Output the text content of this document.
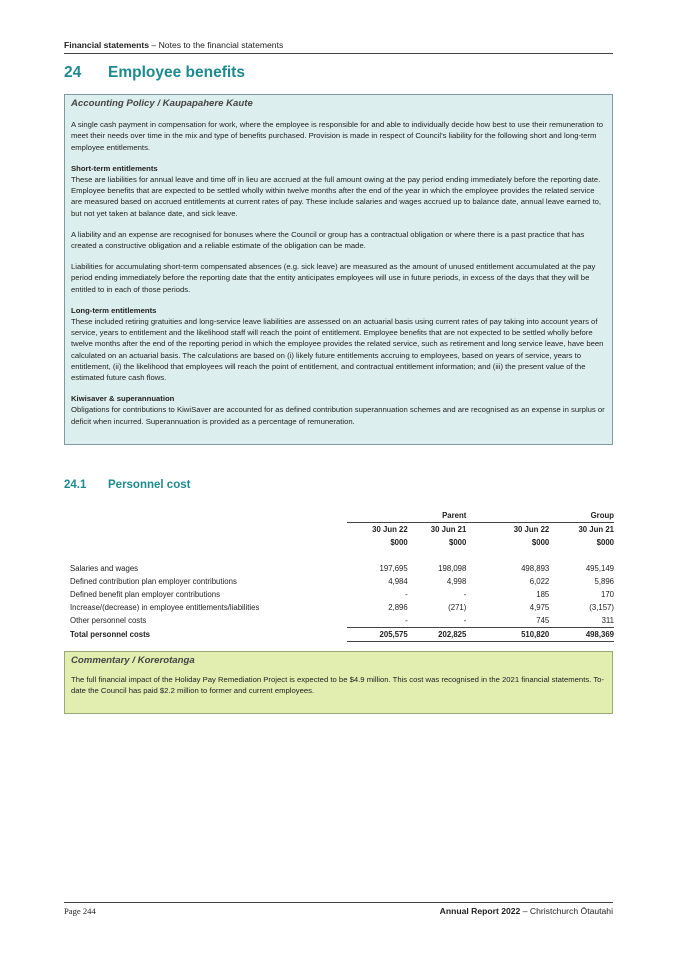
Financial statements – Notes to the financial statements
24 Employee benefits

Accounting Policy / Kaupapahere Kaute

A single cash payment in compensation for work, where the employee is responsible for and able to individually decide how best to use their remuneration to meet their needs over time in the mix and type of benefits purchased. Provision is made in respect of Council’s liability for the following short and long-term employee entitlements.

Short-term entitlements

These are liabilities for annual leave and time off in lieu are accrued at the full amount owing at the pay period ending immediately before the reporting date. Employee benefits that are expected to be settled wholly within twelve months after the end of the year in which the employee provides the related service are measured based on accrued entitlements at current rates of pay. These include salaries and wages accrued up to balance date, annual leave earned to, but not yet taken at balance date, and sick leave.

A liability and an expense are recognised for bonuses where the Council or group has a contractual obligation or where there is a past practice that has created a constructive obligation and a reliable estimate of the obligation can be made.

Liabilities for accumulating short-term compensated absences (e.g. sick leave) are measured as the amount of unused entitlement accumulated at the pay period ending immediately before the reporting date that the entity anticipates employees will use in future periods, in excess of the days that they will be entitled to in each of those periods.

Long-term entitlements

These included retiring gratuities and long-service leave liabilities are assessed on an actuarial basis using current rates of pay taking into account years of service, years to entitlement and the likelihood staff will reach the point of entitlement. Employee benefits that are not expected to be settled wholly before twelve months after the end of the reporting period in which the employee provides the related service, such as retirement and long service leave, have been calculated on an actuarial basis. The calculations are based on (i) likely future entitlements accruing to employees, based on years of service, years to entitlement, (ii) the likelihood that employees will reach the point of entitlement, and contractual entitlement information; and (iii) the present value of the estimated future cash flows.

Kiwisaver & superannuation

Obligations for contributions to KiwiSaver are accounted for as defined contribution superannuation schemes and are recognised as an expense in surplus or deficit when incurred. Superannuation is provided as a percentage of remuneration.

24.1 Personnel cost
	Parent		Group	
	30 Jun 22	30 Jun 21	30 Jun 22	30 Jun 21
	$000	$000	$000	$000

Salaries and wages	197,695	198,098	498,893	495,149
Defined contribution plan employer contributions	4,984	4,998	6,022	5,896
Defined benefit plan employer contributions	-	-	185	170
Increase/(decrease) in employee entitlements/liabilities	2,896	(271)	4,975	(3,157)
Other personnel costs	-	-	745	311
Total personnel costs	205,575	202,825	510,820	498,369

Commentary / Korerotanga

The full financial impact of the Holiday Pay Remediation Project is expected to be $4.9 million. This cost was recognised in the 2021 financial statements. To-date the Council has paid $2.2 million to former and current employees.

Page 244	Annual Report 2022 – Christchurch Ōtautahi
